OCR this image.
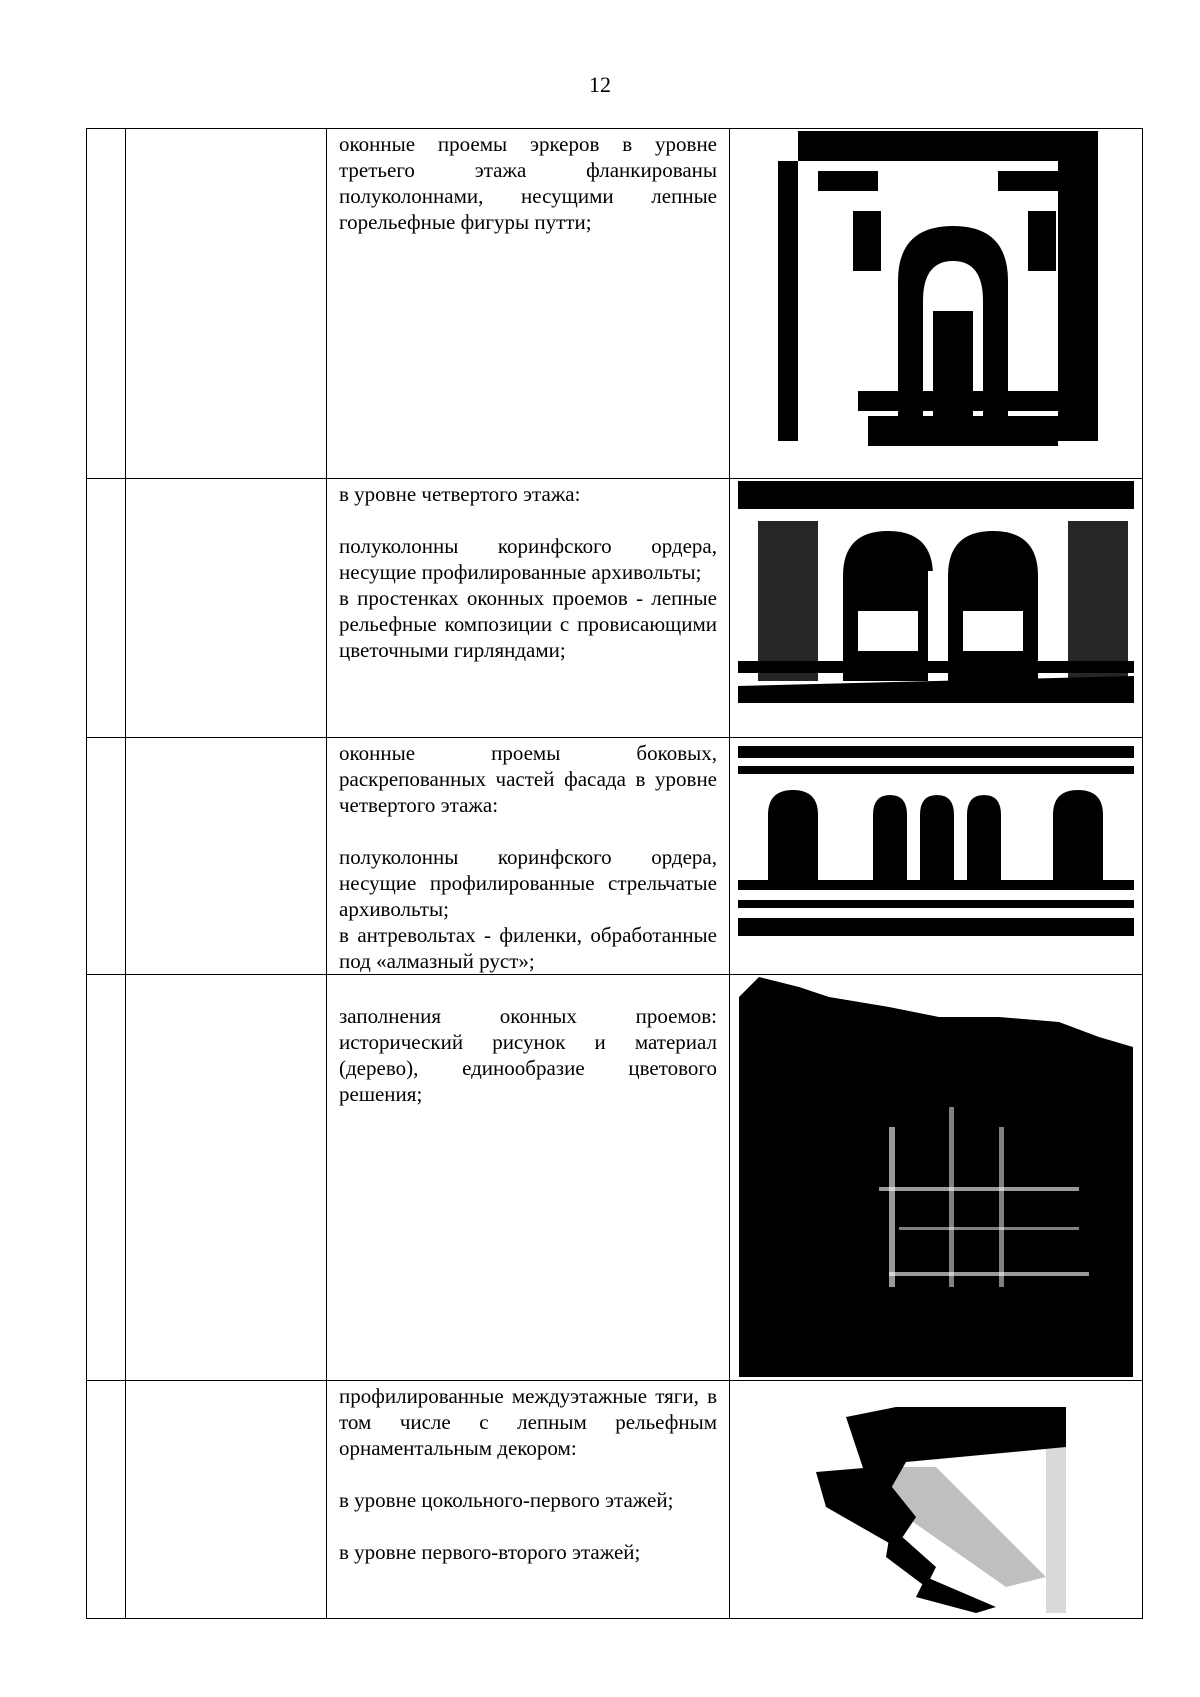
12

		оконные проемы эркеров в уровне третьего этажа фланкированы полуколоннами, несущими лепные горельефные фигуры путти;

		в уровне четвертого этажа:

полуколонны коринфского ордера, несущие профилированные архивольты;

в простенках оконных проемов - лепные рельефные композиции с провисающими цветочными гирляндами;

		оконные проемы боковых, раскрепованных частей фасада в уровне четвертого этажа:

полуколонны коринфского ордера, несущие профилированные стрельчатые архивольты;

в антревольтах - филенки, обработанные под «алмазный руст»;

		заполнения оконных проемов: исторический рисунок и материал (дерево), единообразие цветового решения;

		профилированные междуэтажные тяги, в том числе с лепным рельефным орнаментальным декором:

в уровне цокольного-первого этажей;

в уровне первого-второго этажей;
